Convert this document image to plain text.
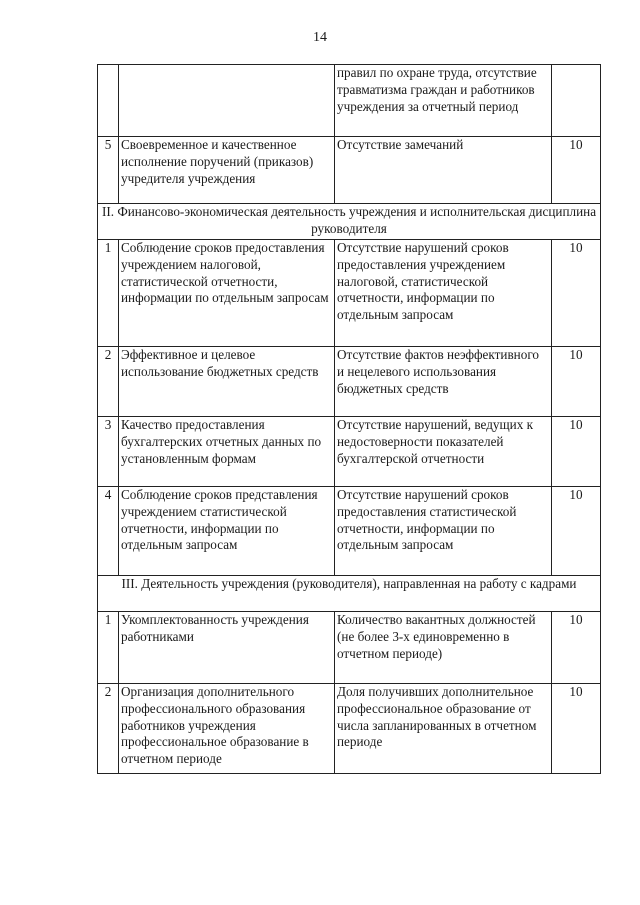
14
		правил по охране труда, отсутствие травматизма граждан и работников учреждения за отчетный период	
5	Своевременное и качественное исполнение поручений (приказов) учредителя учреждения	Отсутствие замечаний	10
II. Финансово-экономическая деятельность учреждения и исполнительская дисциплина руководителя			
1	Соблюдение сроков предоставления учреждением налоговой, статистической отчетности, информации по отдельным запросам	Отсутствие нарушений сроков предоставления учреждением налоговой, статистической отчетности, информации по отдельным запросам	10
2	Эффективное и целевое использование бюджетных средств	Отсутствие фактов неэффективного и нецелевого использования бюджетных средств	10
3	Качество предоставления бухгалтерских отчетных данных по установленным формам	Отсутствие нарушений, ведущих к недостоверности показателей бухгалтерской отчетности	10
4	Соблюдение сроков представления учреждением статистической отчетности, информации по отдельным запросам	Отсутствие нарушений сроков предоставления статистической отчетности, информации по отдельным запросам	10
III. Деятельность учреждения (руководителя), направленная на работу с кадрами			
1	Укомплектованность учреждения работниками	Количество вакантных должностей (не более 3-х единовременно в отчетном периоде)	10
2	Организация дополнительного профессионального образования работников учреждения профессиональное образование в отчетном периоде	Доля получивших дополнительное профессиональное образование от числа запланированных в отчетном периоде	10
